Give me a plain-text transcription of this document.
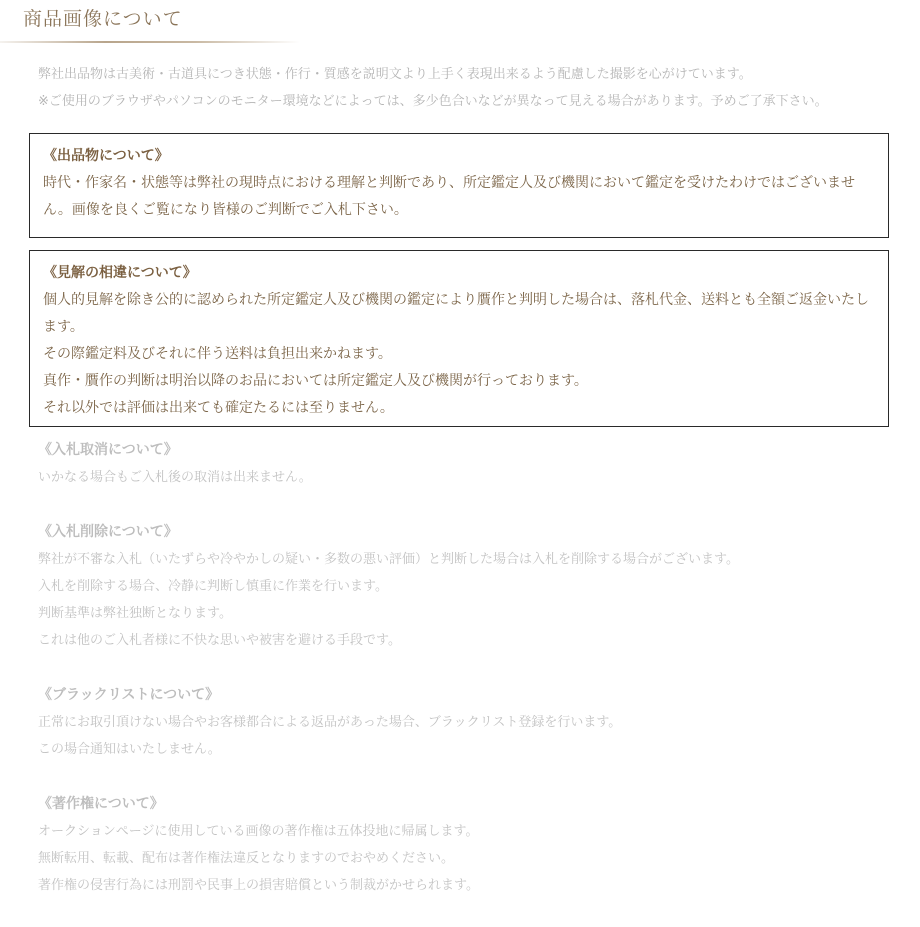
商品画像について

弊社出品物は古美術・古道具につき状態・作行・質感を説明文より上手く表現出来るよう配慮した撮影を心がけています。

※ご使用のブラウザやパソコンのモニター環境などによっては、多少色合いなどが異なって見える場合があります。予めご了承下さい。

《出品物について》

時代・作家名・状態等は弊社の現時点における理解と判断であり、所定鑑定人及び機関において鑑定を受けたわけではございません。画像を良くご覧になり皆様のご判断でご入札下さい。

《見解の相違について》

個人的見解を除き公的に認められた所定鑑定人及び機関の鑑定により贋作と判明した場合は、落札代金、送料とも全額ご返金いたします。

その際鑑定料及びそれに伴う送料は負担出来かねます。

真作・贋作の判断は明治以降のお品においては所定鑑定人及び機関が行っております。

それ以外では評価は出来ても確定たるには至りません。

《入札取消について》

いかなる場合もご入札後の取消は出来ません。

《入札削除について》

弊社が不審な入札（いたずらや冷やかしの疑い・多数の悪い評価）と判断した場合は入札を削除する場合がございます。

入札を削除する場合、冷静に判断し慎重に作業を行います。

判断基準は弊社独断となります。

これは他のご入札者様に不快な思いや被害を避ける手段です。

《ブラックリストについて》

正常にお取引頂けない場合やお客様都合による返品があった場合、ブラックリスト登録を行います。

この場合通知はいたしません。

《著作権について》

オークションページに使用している画像の著作権は五体投地に帰属します。

無断転用、転載、配布は著作権法違反となりますのでおやめください。

著作権の侵害行為には刑罰や民事上の損害賠償という制裁がかせられます。
